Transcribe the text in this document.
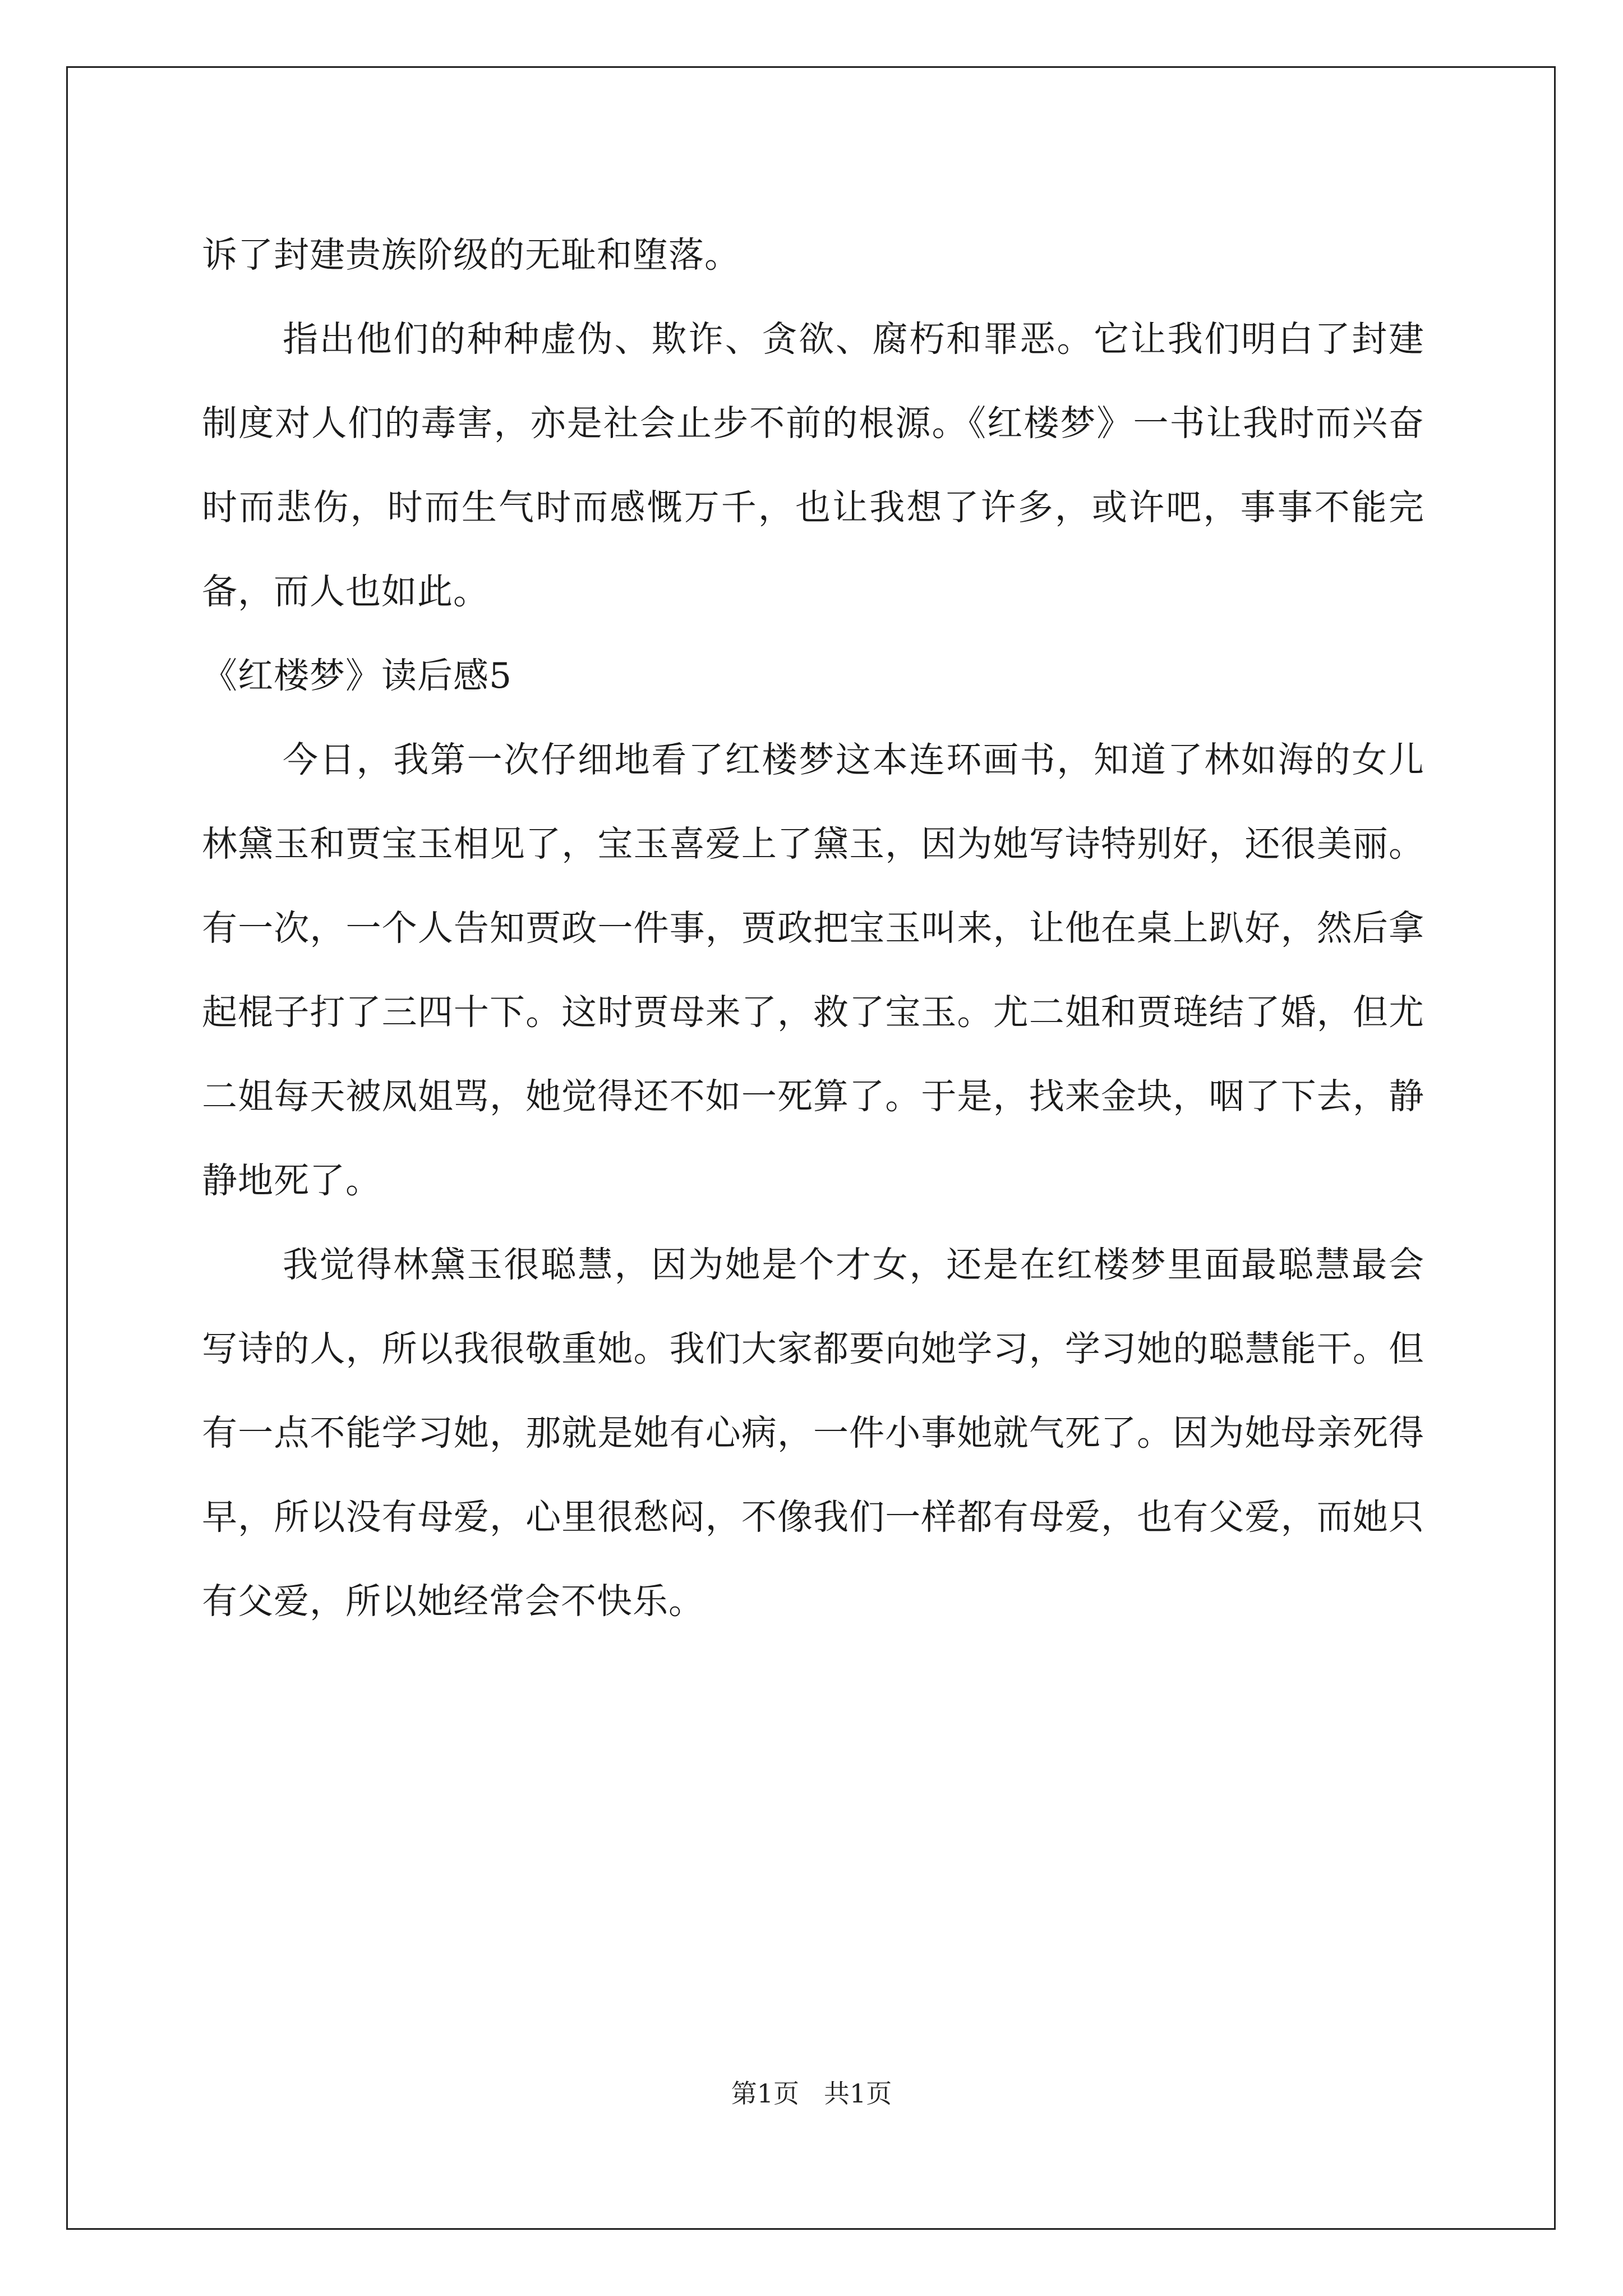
诉了封建贵族阶级的无耻和堕落。

指出他们的种种虚伪、欺诈、贪欲、腐朽和罪恶。它让我们明白了封建制度对人们的毒害，亦是社会止步不前的根源。《红楼梦》一书让我时而兴奋时而悲伤，时而生气时而感慨万千，也让我想了许多，或许吧，事事不能完备，而人也如此。

《红楼梦》读后感5

今日，我第一次仔细地看了红楼梦这本连环画书，知道了林如海的女儿林黛玉和贾宝玉相见了，宝玉喜爱上了黛玉，因为她写诗特别好，还很美丽。有一次，一个人告知贾政一件事，贾政把宝玉叫来，让他在桌上趴好，然后拿起棍子打了三四十下。这时贾母来了，救了宝玉。尤二姐和贾琏结了婚，但尤二姐每天被凤姐骂，她觉得还不如一死算了。于是，找来金块，咽了下去，静静地死了。

我觉得林黛玉很聪慧，因为她是个才女，还是在红楼梦里面最聪慧最会写诗的人，所以我很敬重她。我们大家都要向她学习，学习她的聪慧能干。但有一点不能学习她，那就是她有心病，一件小事她就气死了。因为她母亲死得早，所以没有母爱，心里很愁闷，不像我们一样都有母爱，也有父爱，而她只有父爱，所以她经常会不快乐。

第1页 共1页
